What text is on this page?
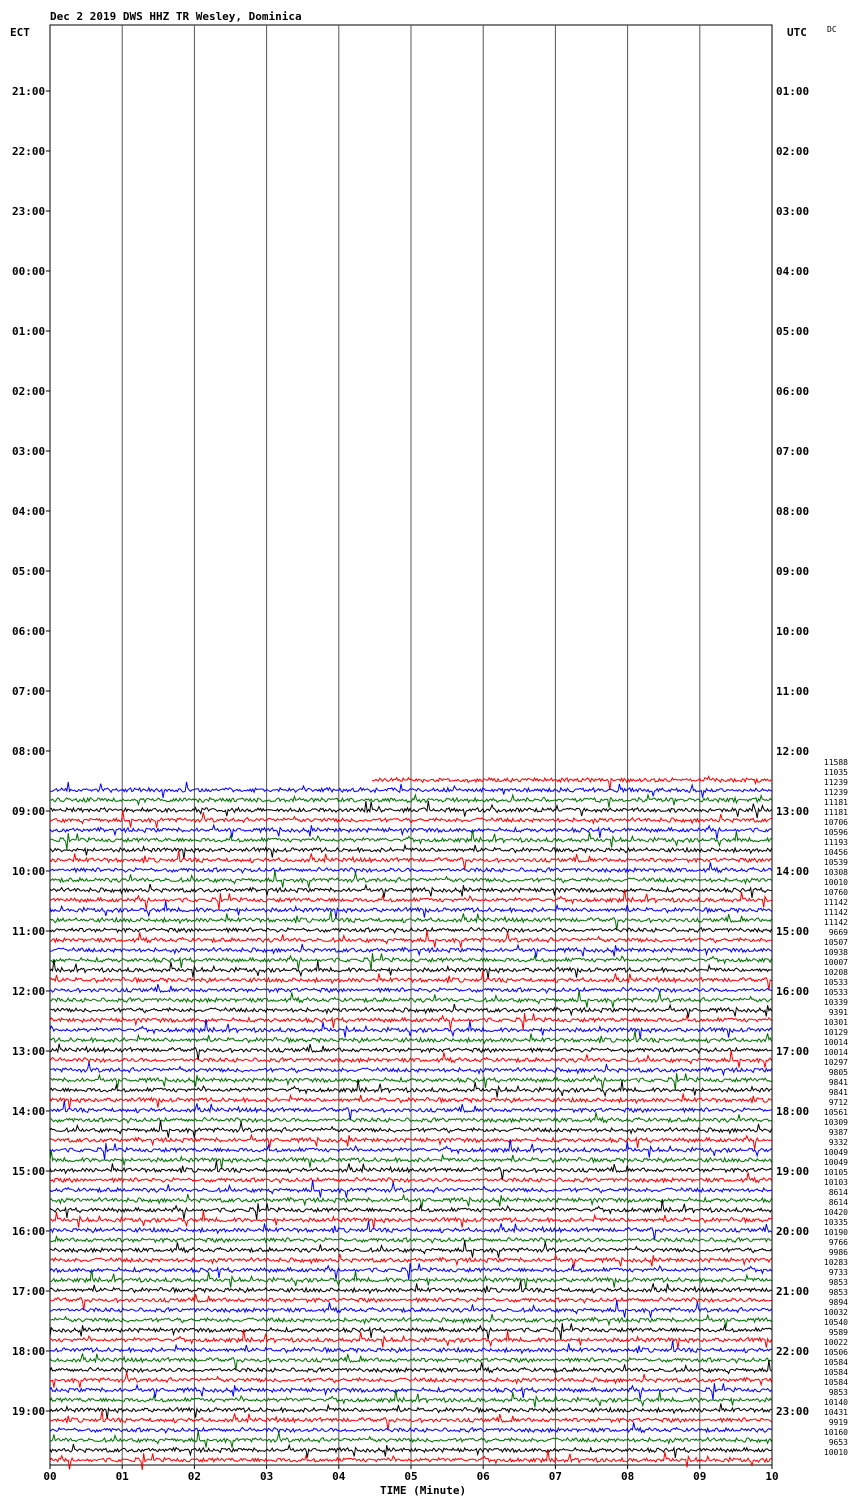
Dec 2 2019 DWS HHZ TR Wesley, Dominica
ECT	UTC	DC
21:00
22:00
23:00
00:00
01:00
02:00
03:00
04:00
05:00
06:00
07:00
08:00
09:00
10:00
11:00
12:00
13:00
14:00
15:00
16:00
17:00
18:00
19:00
01:00
02:00
03:00
04:00
05:00
06:00
07:00
08:00
09:00
10:00
11:00
12:00
13:00
14:00
15:00
16:00
17:00
18:00
19:00
20:00
21:00
22:00
23:00
11588
11035
11239
11239
11181
11181
10706
10596
11193
10456
10539
10308
10010
10760
11142
11142
11142
9669
10507
10938
10007
10208
10533
10533
10339
9391
10301
10129
10014
10014
10297
9805
9841
9841
9712
10561
10309
9387
9332
10049
10049
10105
10103
8614
8614
10420
10335
10190
9766
9986
10283
9733
9853
9853
9894
10032
10540
9589
10022
10506
10584
10584
10584
9853
10140
10431
9919
10160
9653
10010
00	01	02	03	04	05	06	07	08	09	10
TIME (Minute)
